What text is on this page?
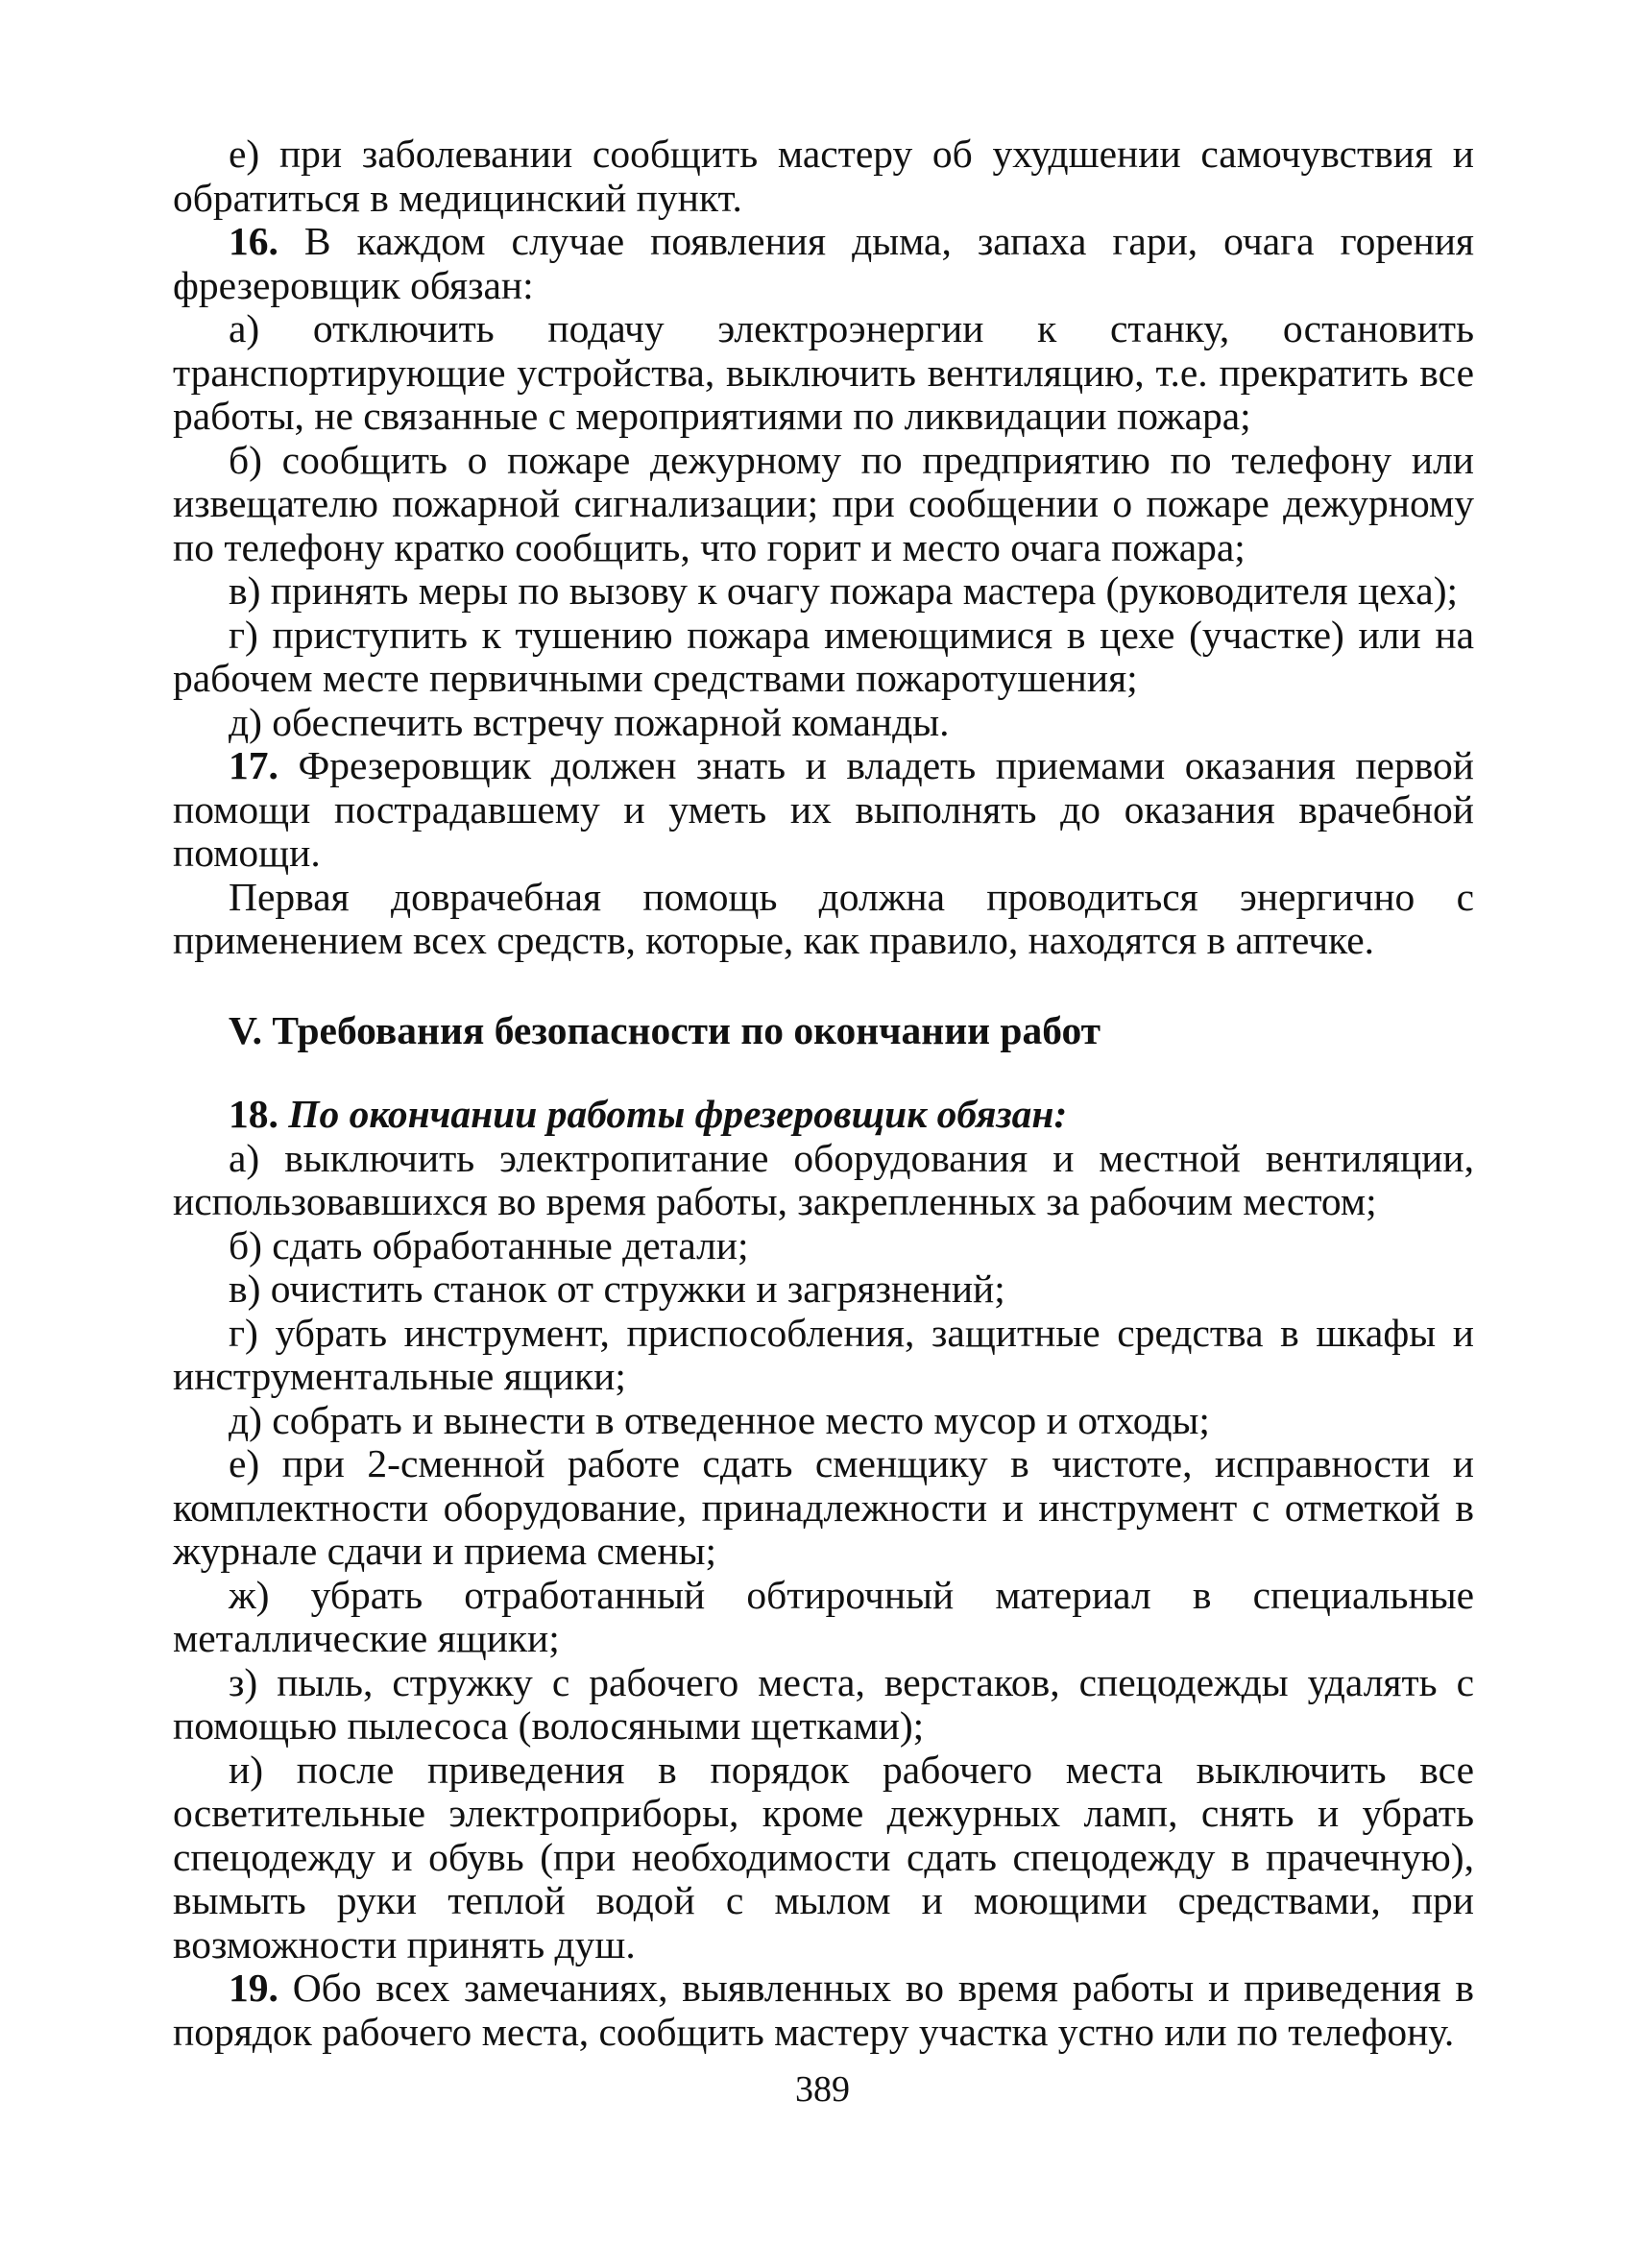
е) при заболевании сообщить мастеру об ухудшении самочувствия и обратиться в медицинский пункт.

16. В каждом случае появления дыма, запаха гари, очага горения фрезеровщик обязан:

а) отключить подачу электроэнергии к станку, остановить транспортирующие устройства, выключить вентиляцию, т.е. прекратить все работы, не связанные с мероприятиями по ликвидации пожара;

б) сообщить о пожаре дежурному по предприятию по телефону или извещателю пожарной сигнализации; при сообщении о пожаре дежурному по телефону кратко сообщить, что горит и место очага пожара;

в) принять меры по вызову к очагу пожара мастера (руководителя цеха);

г) приступить к тушению пожара имеющимися в цехе (участке) или на рабочем месте первичными средствами пожаротушения;

д) обеспечить встречу пожарной команды.

17. Фрезеровщик должен знать и владеть приемами оказания первой помощи пострадавшему и уметь их выполнять до оказания врачебной помощи.

Первая доврачебная помощь должна проводиться энергично с применением всех средств, которые, как правило, находятся в аптечке.

V. Требования безопасности по окончании работ

18. По окончании работы фрезеровщик обязан:

а) выключить электропитание оборудования и местной вентиляции, использовавшихся во время работы, закрепленных за рабочим местом;

б) сдать обработанные детали;

в) очистить станок от стружки и загрязнений;

г) убрать инструмент, приспособления, защитные средства в шкафы и инструментальные ящики;

д) собрать и вынести в отведенное место мусор и отходы;

е) при 2-сменной работе сдать сменщику в чистоте, исправности и комплектности оборудование, принадлежности и инструмент с отметкой в журнале сдачи и приема смены;

ж) убрать отработанный обтирочный материал в специальные металлические ящики;

з) пыль, стружку с рабочего места, верстаков, спецодежды удалять с помощью пылесоса (волосяными щетками);

и) после приведения в порядок рабочего места выключить все осветительные электроприборы, кроме дежурных ламп, снять и убрать спецодежду и обувь (при необходимости сдать спецодежду в прачечную), вымыть руки теплой водой с мылом и моющими средствами, при возможности принять душ.

19. Обо всех замечаниях, выявленных во время работы и приведения в порядок рабочего места, сообщить мастеру участка устно или по телефону.

389
